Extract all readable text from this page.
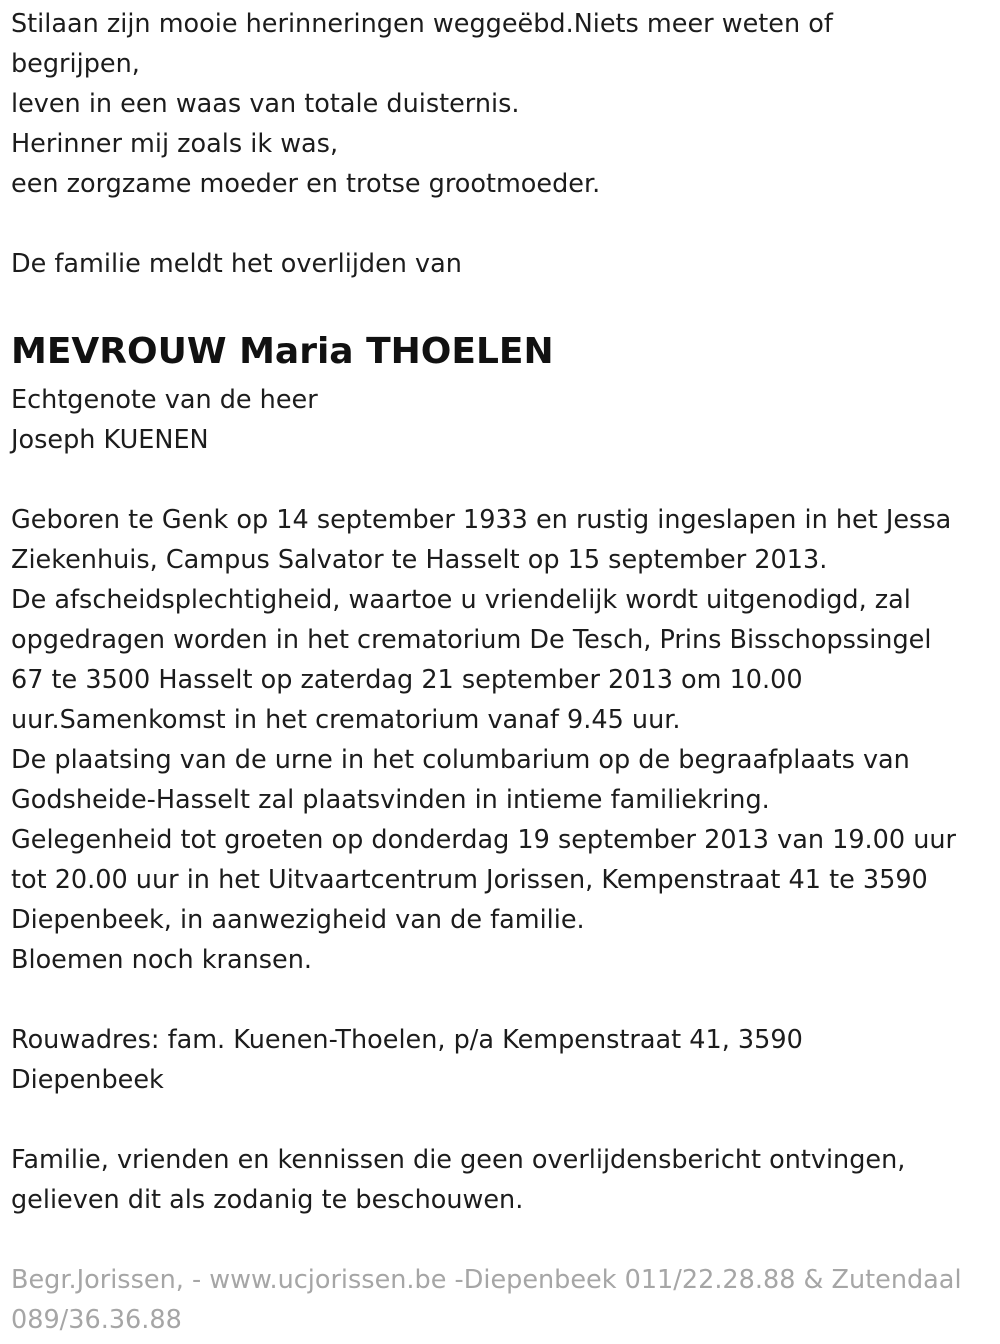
Stilaan zijn mooie herinneringen weggeëbd.Niets meer weten of
begrijpen,
leven in een waas van totale duisternis.
Herinner mij zoals ik was,
een zorgzame moeder en trotse grootmoeder.
De familie meldt het overlijden van
MEVROUW Maria THOELEN
Echtgenote van de heer
Joseph KUENEN
Geboren te Genk op 14 september 1933 en rustig ingeslapen in het Jessa
Ziekenhuis, Campus Salvator te Hasselt op 15 september 2013.
De afscheidsplechtigheid, waartoe u vriendelijk wordt uitgenodigd, zal
opgedragen worden in het crematorium De Tesch, Prins Bisschopssingel
67 te 3500 Hasselt op zaterdag 21 september 2013 om 10.00
uur.Samenkomst in het crematorium vanaf 9.45 uur.
De plaatsing van de urne in het columbarium op de begraafplaats van
Godsheide-Hasselt zal plaatsvinden in intieme familiekring.
Gelegenheid tot groeten op donderdag 19 september 2013 van 19.00 uur
tot 20.00 uur in het Uitvaartcentrum Jorissen, Kempenstraat 41 te 3590
Diepenbeek, in aanwezigheid van de familie.
Bloemen noch kransen.
Rouwadres: fam. Kuenen-Thoelen, p/a Kempenstraat 41, 3590
Diepenbeek
Familie, vrienden en kennissen die geen overlijdensbericht ontvingen,
gelieven dit als zodanig te beschouwen.
Begr.Jorissen, - www.ucjorissen.be -Diepenbeek 011/22.28.88 & Zutendaal
089/36.36.88
